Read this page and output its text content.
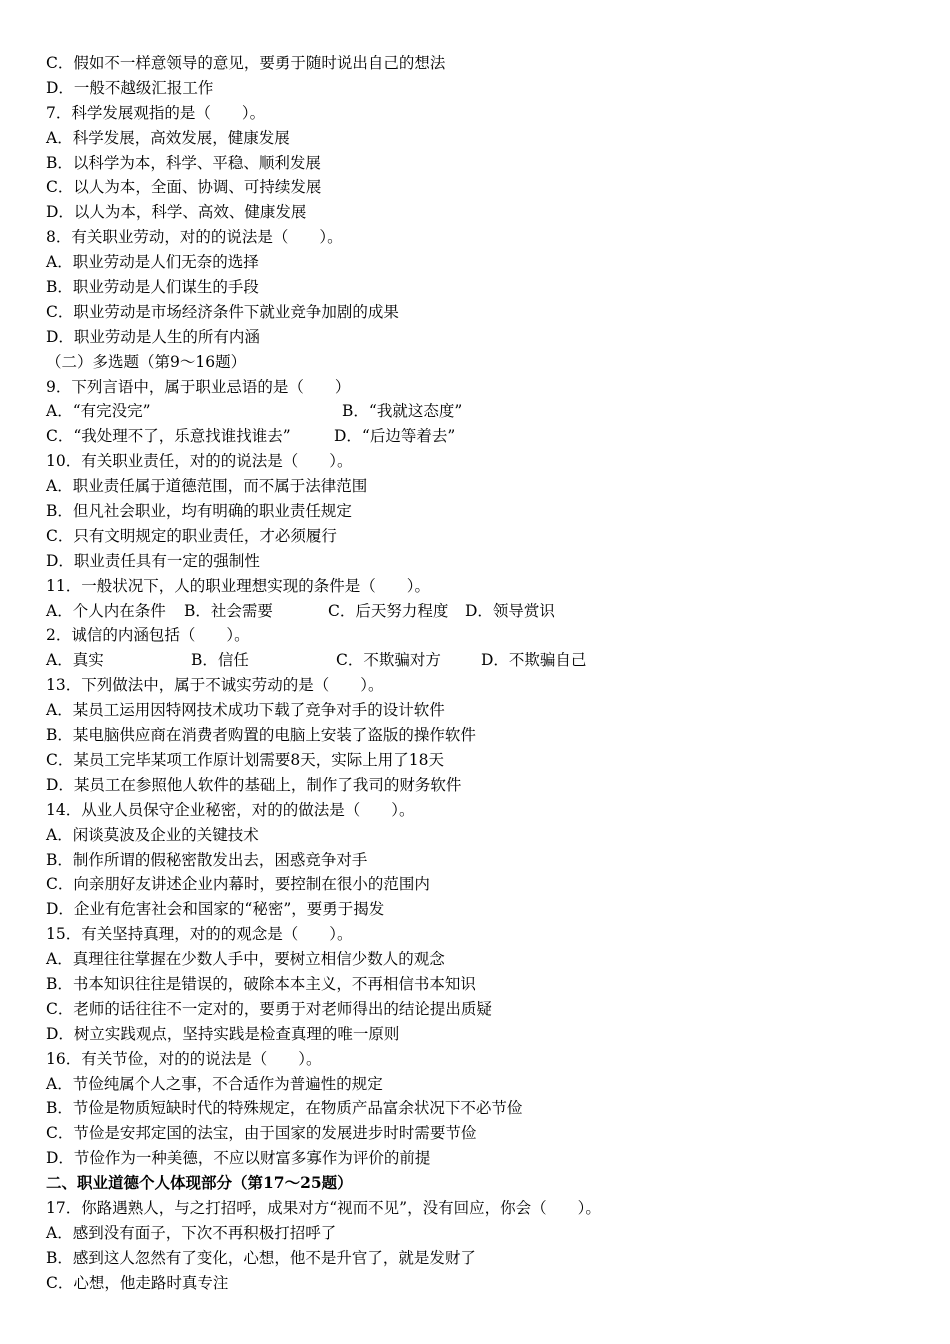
C．假如不一样意领导的意见，要勇于随时说出自己的想法
D．一般不越级汇报工作
7．科学发展观指的是（　　）。
A．科学发展，高效发展，健康发展
B．以科学为本，科学、平稳、顺利发展
C．以人为本，全面、协调、可持续发展
D．以人为本，科学、高效、健康发展
8．有关职业劳动，对的的说法是（　　）。
A．职业劳动是人们无奈的选择
B．职业劳动是人们谋生的手段
C．职业劳动是市场经济条件下就业竞争加剧的成果
D．职业劳动是人生的所有内涵
（二）多选题（第9～16题）
9．下列言语中，属于职业忌语的是（　　）
A．“有完没完”	B．“我就这态度”
C．“我处理不了，乐意找谁找谁去”	D．“后边等着去”
10．有关职业责任，对的的说法是（　　）。
A．职业责任属于道德范围，而不属于法律范围
B．但凡社会职业，均有明确的职业责任规定
C．只有文明规定的职业责任，才必须履行
D．职业责任具有一定的强制性
11．一般状况下，人的职业理想实现的条件是（　　）。
A．个人内在条件 B．社会需要	C．后天努力程度 D．领导赏识
2．诚信的内涵包括（　　）。
A．真实	B．信任	C．不欺骗对方	D．不欺骗自己
13．下列做法中，属于不诚实劳动的是（　　）。
A．某员工运用因特网技术成功下载了竞争对手的设计软件
B．某电脑供应商在消费者购置的电脑上安装了盗版的操作软件
C．某员工完毕某项工作原计划需要8天，实际上用了18天
D．某员工在参照他人软件的基础上，制作了我司的财务软件
14．从业人员保守企业秘密，对的的做法是（　　）。
A．闲谈莫波及企业的关键技术
B．制作所谓的假秘密散发出去，困惑竞争对手
C．向亲朋好友讲述企业内幕时，要控制在很小的范围内
D．企业有危害社会和国家的“秘密”，要勇于揭发
15．有关坚持真理，对的的观念是（　　）。
A．真理往往掌握在少数人手中，要树立相信少数人的观念
B．书本知识往往是错误的，破除本本主义，不再相信书本知识
C．老师的话往往不一定对的，要勇于对老师得出的结论提出质疑
D．树立实践观点，坚持实践是检查真理的唯一原则
16．有关节俭，对的的说法是（　　）。
A．节俭纯属个人之事，不合适作为普遍性的规定
B．节俭是物质短缺时代的特殊规定，在物质产品富余状况下不必节俭
C．节俭是安邦定国的法宝，由于国家的发展进步时时需要节俭
D．节俭作为一种美德，不应以财富多寡作为评价的前提
二、职业道德个人体现部分（第17～25题）
17．你路遇熟人，与之打招呼，成果对方“视而不见”，没有回应，你会（　　）。
A．感到没有面子，下次不再积极打招呼了
B．感到这人忽然有了变化，心想，他不是升官了，就是发财了
C．心想，他走路时真专注
